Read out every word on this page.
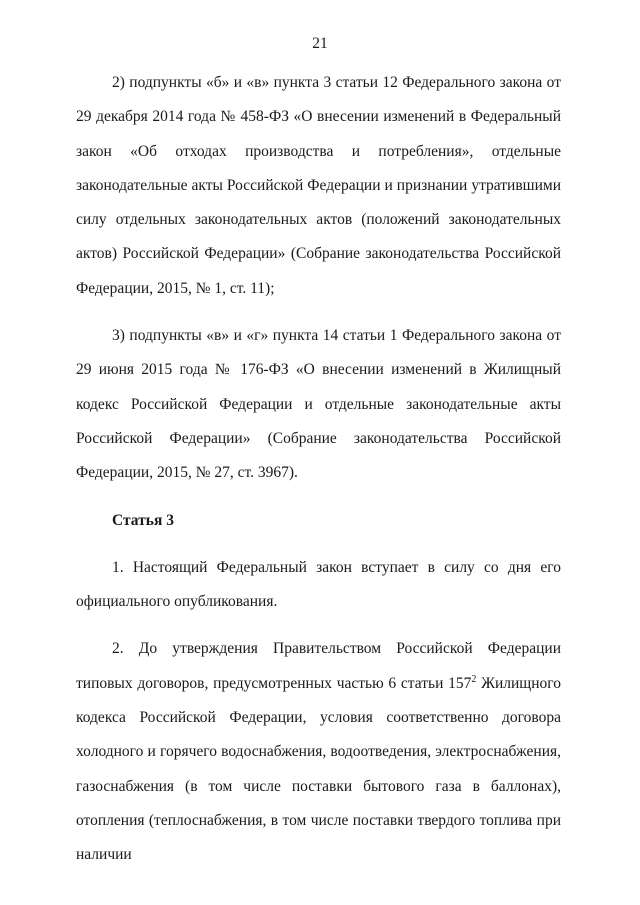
21

2) подпункты «б» и «в» пункта 3 статьи 12 Федерального закона от 29 декабря 2014 года № 458-ФЗ «О внесении изменений в Федеральный закон «Об отходах производства и потребления», отдельные законодательные акты Российской Федерации и признании утратившими силу отдельных законодательных актов (положений законодательных актов) Российской Федерации» (Собрание законодательства Российской Федерации, 2015, № 1, ст. 11);

3) подпункты «в» и «г» пункта 14 статьи 1 Федерального закона от 29 июня 2015 года № 176-ФЗ «О внесении изменений в Жилищный кодекс Российской Федерации и отдельные законодательные акты Российской Федерации» (Собрание законодательства Российской Федерации, 2015, № 27, ст. 3967).

Статья 3

1. Настоящий Федеральный закон вступает в силу со дня его официального опубликования.

2. До утверждения Правительством Российской Федерации типовых договоров, предусмотренных частью 6 статьи $157^2$ Жилищного кодекса Российской Федерации, условия соответственно договора холодного и горячего водоснабжения, водоотведения, электроснабжения, газоснабжения (в том числе поставки бытового газа в баллонах), отопления (теплоснабжения, в том числе поставки твердого топлива при наличии
